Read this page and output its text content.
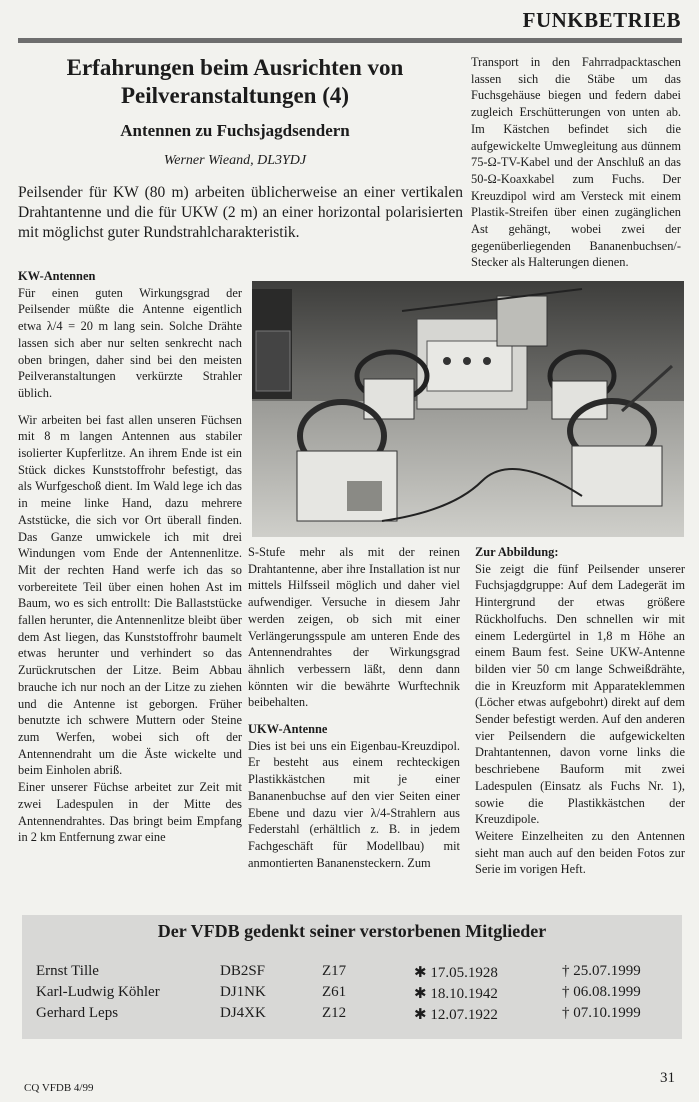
FUNKBETRIEB
Erfahrungen beim Ausrichten von
Peilveranstaltungen (4)
Antennen zu Fuchsjagdsendern
Werner Wieand, DL3YDJ
Peilsender für KW (80 m) arbeiten üblicherweise an einer vertikalen Drahtantenne und die für UKW (2 m) an einer horizontal polarisierten mit möglichst guter Rundstrahlcharakteristik.

Transport in den Fahrradpacktaschen lassen sich die Stäbe um das Fuchsgehäuse biegen und federn dabei zugleich Erschütterungen von unten ab. Im Kästchen befindet sich die aufgewickelte Umwegleitung aus dünnem 75-Ω-TV-Kabel und der Anschluß an das 50-Ω-Koaxkabel zum Fuchs. Der Kreuzdipol wird am Versteck mit einem Plastik-Streifen über einen zugänglichen Ast gehängt, wobei zwei der gegenüberliegenden Bananenbuchsen/-Stecker als Halterungen dienen.

KW-Antennen

Für einen guten Wirkungsgrad der Peilsender müßte die Antenne eigentlich etwa λ/4 = 20 m lang sein. Solche Drähte lassen sich aber nur selten senkrecht nach oben bringen, daher sind bei den meisten Peilveranstaltungen verkürzte Strahler üblich.

Wir arbeiten bei fast allen unseren Füchsen mit 8 m langen Antennen aus stabiler isolierter Kupferlitze. An ihrem Ende ist ein Stück dickes Kunststoffrohr befestigt, das als Wurfgeschoß dient. Im Wald lege ich das in meine linke Hand, dazu mehrere Aststücke, die sich vor Ort überall finden. Das Ganze umwickele ich mit drei Windungen vom Ende der Antennenlitze. Mit der rechten Hand werfe ich das so vorbereitete Teil über einen hohen Ast im Baum, wo es sich entrollt: Die Ballaststücke fallen herunter, die Antennenlitze bleibt über dem Ast liegen, das Kunststoffrohr baumelt etwas herunter und verhindert so das Zurückrutschen der Litze. Beim Abbau brauche ich nur noch an der Litze zu ziehen und die Antenne ist geborgen. Früher benutzte ich schwere Muttern oder Steine zum Werfen, wobei sich oft der Antennendraht um die Äste wickelte und beim Einholen abriß.

Einer unserer Füchse arbeitet zur Zeit mit zwei Ladespulen in der Mitte des Antennendrahtes. Das bringt beim Empfang in 2 km Entfernung zwar eine

S-Stufe mehr als mit der reinen Drahtantenne, aber ihre Installation ist nur mittels Hilfsseil möglich und daher viel aufwendiger. Versuche in diesem Jahr werden zeigen, ob sich mit einer Verlängerungsspule am unteren Ende des Antennendrahtes der Wirkungsgrad ähnlich verbessern läßt, denn dann könnten wir die bewährte Wurftechnik beibehalten.

UKW-Antenne

Dies ist bei uns ein Eigenbau-Kreuzdipol. Er besteht aus einem rechteckigen Plastikkästchen mit je einer Bananenbuchse auf den vier Seiten einer Ebene und dazu vier λ/4-Strahlern aus Federstahl (erhältlich z. B. in jedem Fachgeschäft für Modellbau) mit anmontierten Bananensteckern. Zum

Zur Abbildung:

Sie zeigt die fünf Peilsender unserer Fuchsjagdgruppe: Auf dem Ladegerät im Hintergrund der etwas größere Rückholfuchs. Den schnellen wir mit einem Ledergürtel in 1,8 m Höhe an einem Baum fest. Seine UKW-Antenne bilden vier 50 cm lange Schweißdrähte, die in Kreuzform mit Apparateklemmen (Löcher etwas aufgebohrt) direkt auf dem Sender befestigt werden. Auf den anderen vier Peilsendern die aufgewickelten Drahtantennen, davon vorne links die beschriebene Bauform mit zwei Ladespulen (Einsatz als Fuchs Nr. 1), sowie die Plastikkästchen der Kreuzdipole.

Weitere Einzelheiten zu den Antennen sieht man auch auf den beiden Fotos zur Serie im vorigen Heft.

Der VFDB gedenkt seiner verstorbenen Mitglieder
Ernst Tille	DB2SF	Z17	✱ 17.05.1928	† 25.07.1999
Karl-Ludwig Köhler	DJ1NK	Z61	✱ 18.10.1942	† 06.08.1999
Gerhard Leps	DJ4XK	Z12	✱ 12.07.1922	† 07.10.1999
CQ VFDB 4/99
31
